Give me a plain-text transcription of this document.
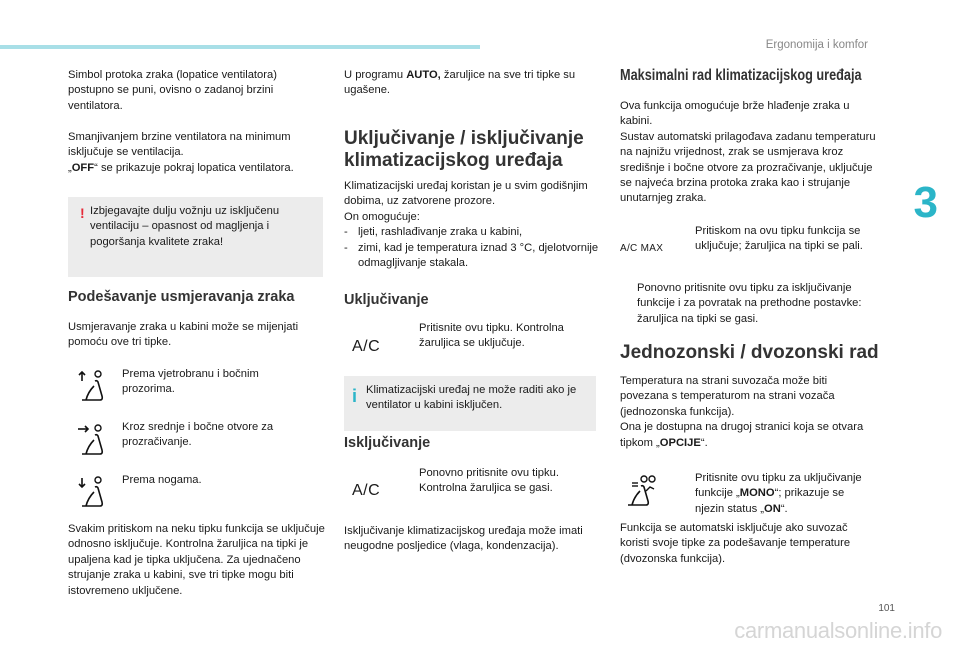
Ergonomija i komfor
3
101
carmanualsonline.info
Simbol protoka zraka (lopatice ventilatora) postupno se puni, ovisno o zadanoj brzini ventilatora.

Smanjivanjem brzine ventilatora na minimum isključuje se ventilacija.

„OFF“ se prikazuje pokraj lopatica ventilatora.

! Izbjegavajte dulju vožnju uz isključenu ventilaciju – opasnost od magljenja i pogoršanja kvalitete zraka!
Podešavanje usmjeravanja zraka
Usmjeravanje zraka u kabini može se mijenjati pomoću ove tri tipke.
Prema vjetrobranu i bočnim prozorima.
Kroz srednje i bočne otvore za prozračivanje.
Prema nogama.
Svakim pritiskom na neku tipku funkcija se uključuje odnosno isključuje. Kontrolna žaruljica na tipki je upaljena kad je tipka uključena. Za ujednačeno strujanje zraka u kabini, sve tri tipke mogu biti istovremeno uključene.
U programu AUTO, žaruljice na sve tri tipke su ugašene.
Uključivanje / isključivanje klimatizacijskog uređaja

Klimatizacijski uređaj koristan je u svim godišnjim dobima, uz zatvorene prozore.

On omogućuje:

- ljeti, rashlađivanje zraka u kabini,
- zimi, kad je temperatura iznad 3 °C, djelotvornije odmagljivanje stakala.
Uključivanje
A/C
Pritisnite ovu tipku. Kontrolna žaruljica se uključuje.
i Klimatizacijski uređaj ne može raditi ako je ventilator u kabini isključen.
Isključivanje
A/C
Ponovno pritisnite ovu tipku. Kontrolna žaruljica se gasi.
Isključivanje klimatizacijskog uređaja može imati neugodne posljedice (vlaga, kondenzacija).
Maksimalni rad klimatizacijskog uređaja

Ova funkcija omogućuje brže hlađenje zraka u kabini.

Sustav automatski prilagođava zadanu temperaturu na najnižu vrijednost, zrak se usmjerava kroz središnje i bočne otvore za prozračivanje, uključuje se najveća brzina protoka zraka kao i strujanje unutarnjeg zraka.

A/C MAX
Pritiskom na ovu tipku funkcija se uključuje; žaruljica na tipki se pali.
Ponovno pritisnite ovu tipku za isključivanje funkcije i za povratak na prethodne postavke: žaruljica na tipki se gasi.
Jednozonski / dvozonski rad

Temperatura na strani suvozača može biti povezana s temperaturom na strani vozača (jednozonska funkcija).

Ona je dostupna na drugoj stranici koja se otvara tipkom „OPCIJE“.

Pritisnite ovu tipku za uključivanje funkcije „MONO“; prikazuje se njezin status „ON“.
Funkcija se automatski isključuje ako suvozač koristi svoje tipke za podešavanje temperature (dvozonska funkcija).
